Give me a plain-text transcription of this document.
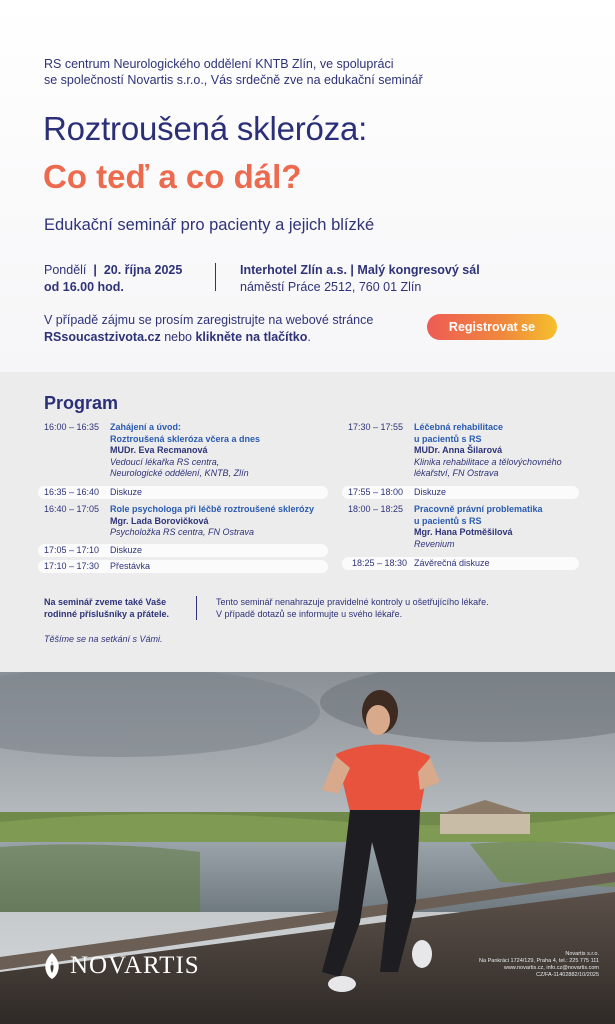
RS centrum Neurologického oddělení KNTB Zlín, ve spolupráci
se společností Novartis s.r.o., Vás srdečně zve na edukační seminář
Roztroušená skleróza:
Co teď a co dál?
Edukační seminář pro pacienty a jejich blízké
Pondělí | 20. října 2025
od 16.00 hod.
Interhotel Zlín a.s. | Malý kongresový sál
náměstí Práce 2512, 760 01 Zlín
V případě zájmu se prosím zaregistrujte na webové stránce
RSsoucastzivota.cz nebo klikněte na tlačítko.
Registrovat se
Program
16:00 – 16:35	Zahájení a úvod:
Roztroušená skleróza včera a dnes
MUDr. Eva Recmanová
Vedoucí lékařka RS centra,
Neurologické oddělení, KNTB, Zlín
16:35 – 16:40 Diskuze
16:40 – 17:05	Role psychologa při léčbě roztroušené sklerózy
Mgr. Lada Borovičková
Psycholožka RS centra, FN Ostrava
17:05 – 17:10 Diskuze
17:10 – 17:30 Přestávka
17:30 – 17:55	Léčebná rehabilitace
u pacientů s RS
MUDr. Anna Šilarová
Klinika rehabilitace a tělovýchovného
lékařství, FN Ostrava
17:55 – 18:00 Diskuze
18:00 – 18:25	Pracovně právní problematika
u pacientů s RS
Mgr. Hana Potměšilová
Revenium
18:25 – 18:30 Závěrečná diskuze
Na seminář zveme také Vaše
rodinné příslušníky a přátele.
Tento seminář nenahrazuje pravidelné kontroly u ošetřujícího lékaře.
V případě dotazů se informujte u svého lékaře.
Těšíme se na setkání s Vámi.
NOVARTIS	Novartis s.r.o.
Na Pankráci 1724/129, Praha 4, tel.: 225 775 111
www.novartis.cz, info.cz@novartis.com
CZ/FA-11402882/10/2025
